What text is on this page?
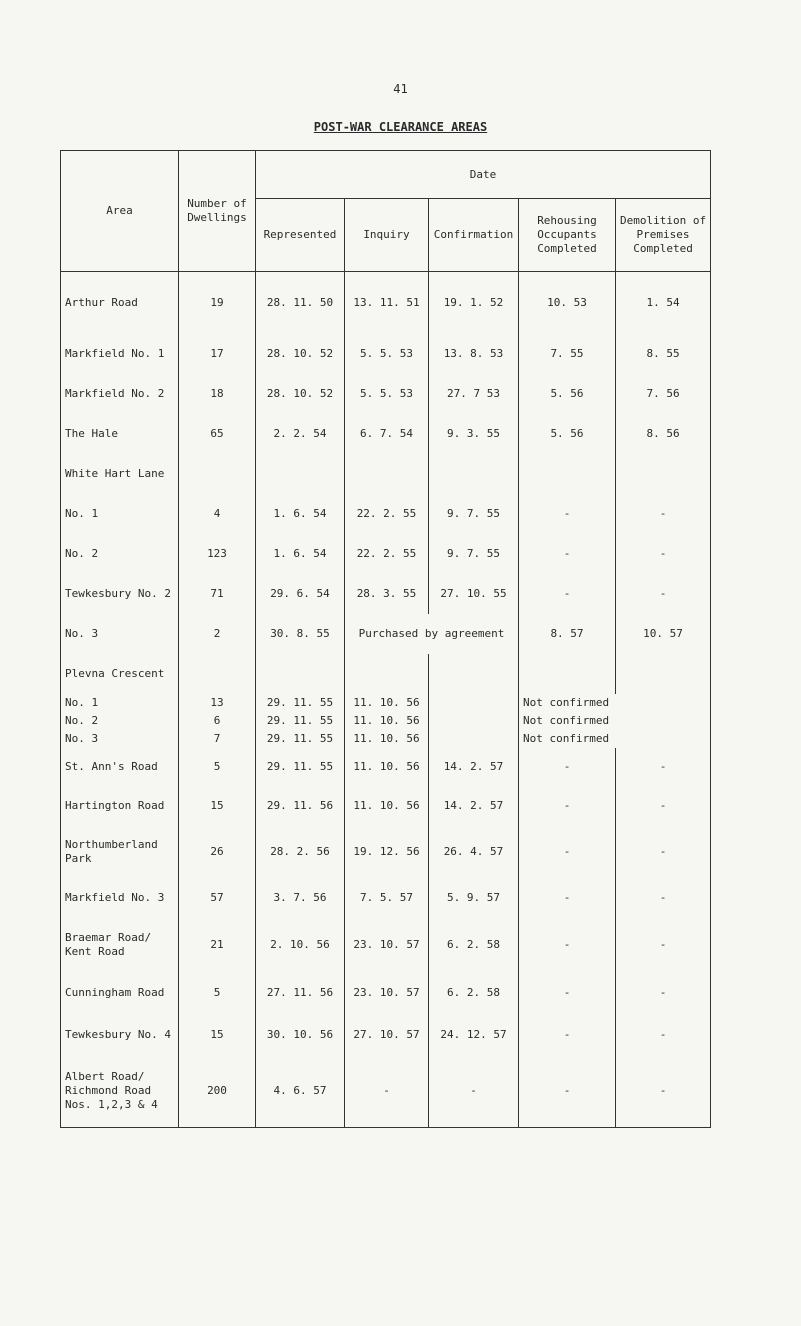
41
POST-WAR CLEARANCE AREAS
Area	Number of Dwellings	Date				
		Represented	Inquiry	Confirmation	Rehousing Occupants Completed	Demolition of Premises Completed
Arthur Road	19	28. 11. 50	13. 11. 51	19. 1. 52	10. 53	1. 54
Markfield No. 1	17	28. 10. 52	5. 5. 53	13. 8. 53	7. 55	8. 55
Markfield No. 2	18	28. 10. 52	5. 5. 53	27. 7 53	5. 56	7. 56
The Hale	65	2. 2. 54	6. 7. 54	9. 3. 55	5. 56	8. 56
White Hart Lane						
No. 1	4	1. 6. 54	22. 2. 55	9. 7. 55	-	-
No. 2	123	1. 6. 54	22. 2. 55	9. 7. 55	-	-
Tewkesbury No. 2	71	29. 6. 54	28. 3. 55	27. 10. 55	-	-
No. 3	2	30. 8. 55	Purchased by agreement		8. 57	10. 57
Plevna Crescent						
No. 1	13	29. 11. 55	11. 10. 56		Not confirmed	
No. 2	6	29. 11. 55	11. 10. 56		Not confirmed	
No. 3	7	29. 11. 55	11. 10. 56		Not confirmed	
St. Ann's Road	5	29. 11. 55	11. 10. 56	14. 2. 57	-	-
Hartington Road	15	29. 11. 56	11. 10. 56	14. 2. 57	-	-
Northumberland Park	26	28. 2. 56	19. 12. 56	26. 4. 57	-	-
Markfield No. 3	57	3. 7. 56	7. 5. 57	5. 9. 57	-	-
Braemar Road/ Kent Road	21	2. 10. 56	23. 10. 57	6. 2. 58	-	-
Cunningham Road	5	27. 11. 56	23. 10. 57	6. 2. 58	-	-
Tewkesbury No. 4	15	30. 10. 56	27. 10. 57	24. 12. 57	-	-
Albert Road/ Richmond Road Nos. 1,2,3 & 4	200	4. 6. 57	-	-	-	-
